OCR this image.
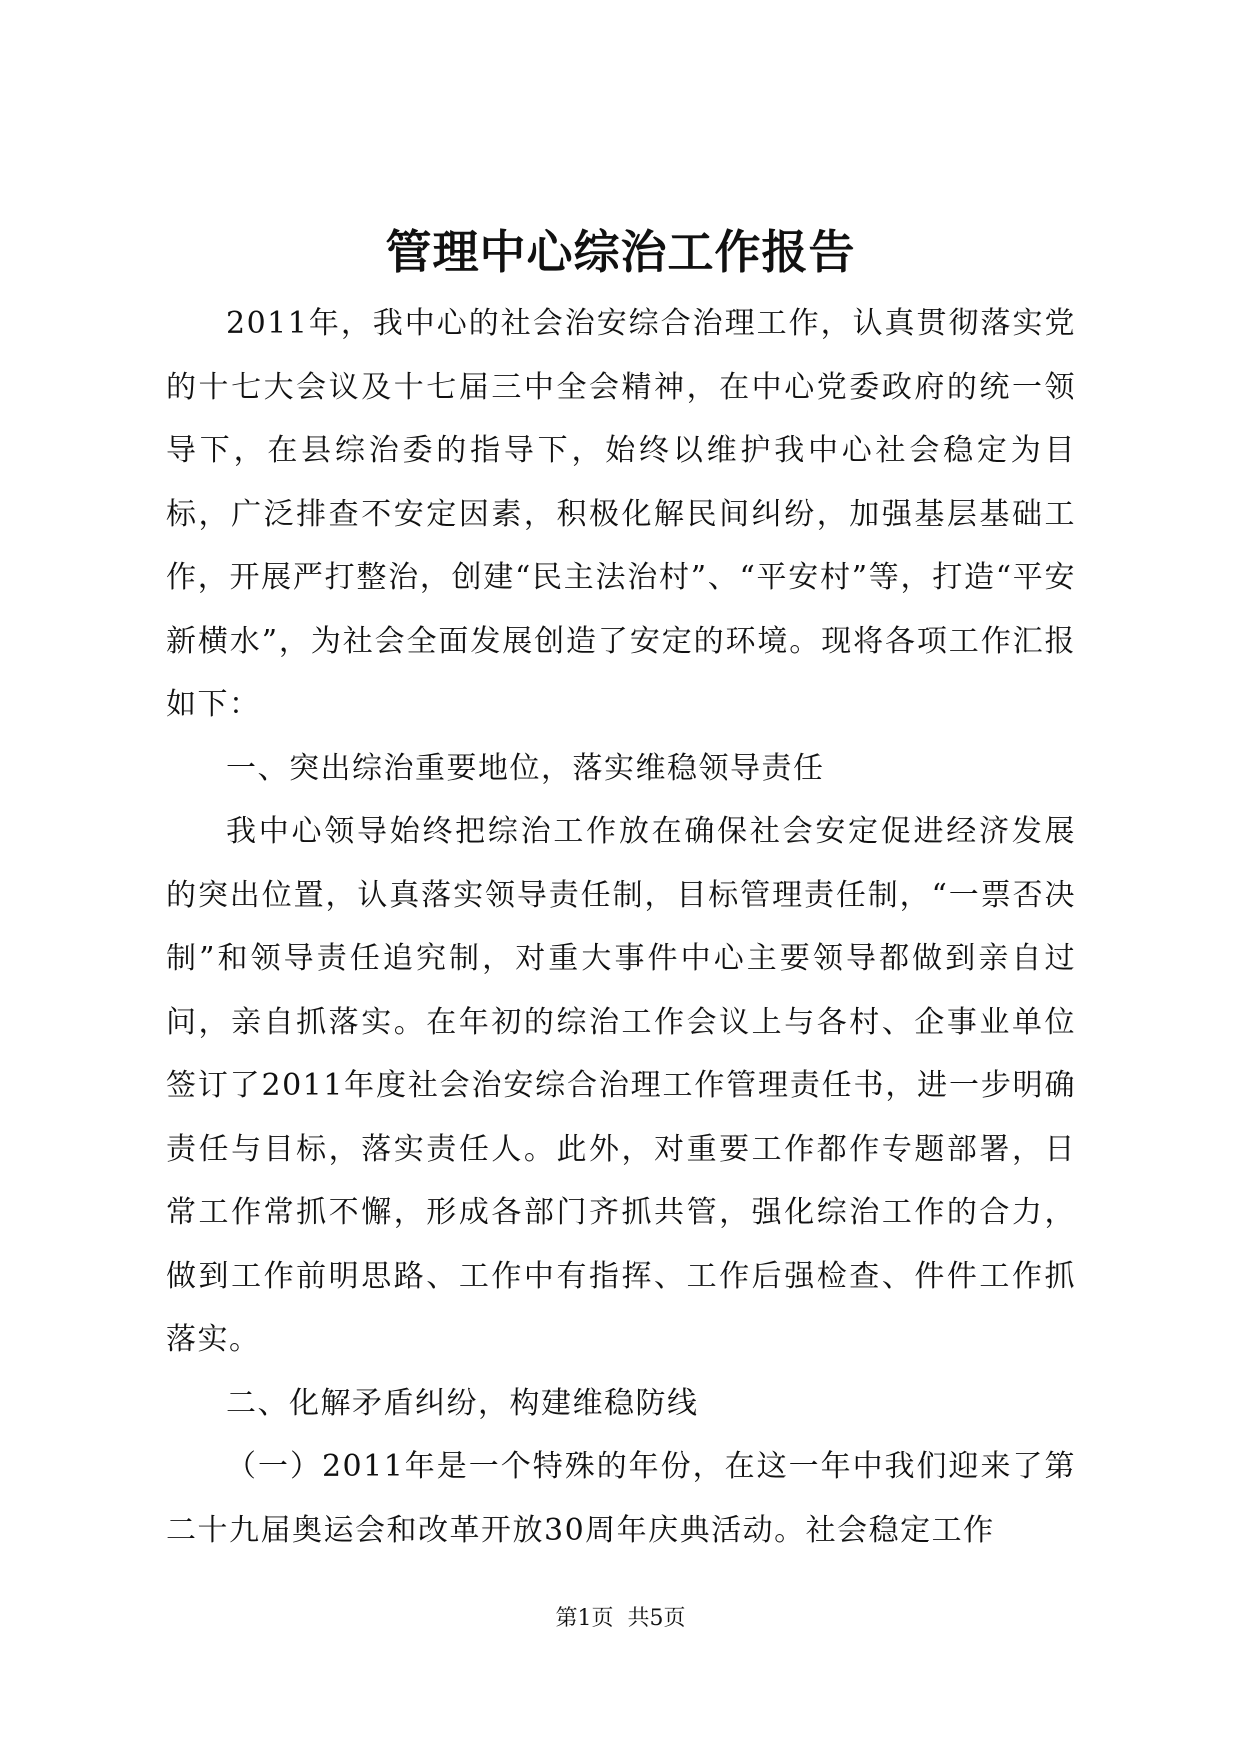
管理中心综治工作报告

2011年，我中心的社会治安综合治理工作，认真贯彻落实党的十七大会议及十七届三中全会精神，在中心党委政府的统一领导下，在县综治委的指导下，始终以维护我中心社会稳定为目标，广泛排查不安定因素，积极化解民间纠纷，加强基层基础工作，开展严打整治，创建“民主法治村”、“平安村”等，打造“平安新横水”，为社会全面发展创造了安定的环境。现将各项工作汇报如下：

一、突出综治重要地位，落实维稳领导责任

我中心领导始终把综治工作放在确保社会安定促进经济发展的突出位置，认真落实领导责任制，目标管理责任制，“一票否决制”和领导责任追究制，对重大事件中心主要领导都做到亲自过问，亲自抓落实。在年初的综治工作会议上与各村、企事业单位签订了2011年度社会治安综合治理工作管理责任书，进一步明确责任与目标，落实责任人。此外，对重要工作都作专题部署，日常工作常抓不懈，形成各部门齐抓共管，强化综治工作的合力，做到工作前明思路、工作中有指挥、工作后强检查、件件工作抓落实。

二、化解矛盾纠纷，构建维稳防线

（一）2011年是一个特殊的年份，在这一年中我们迎来了第二十九届奥运会和改革开放30周年庆典活动。社会稳定工作

第1页  共5页
